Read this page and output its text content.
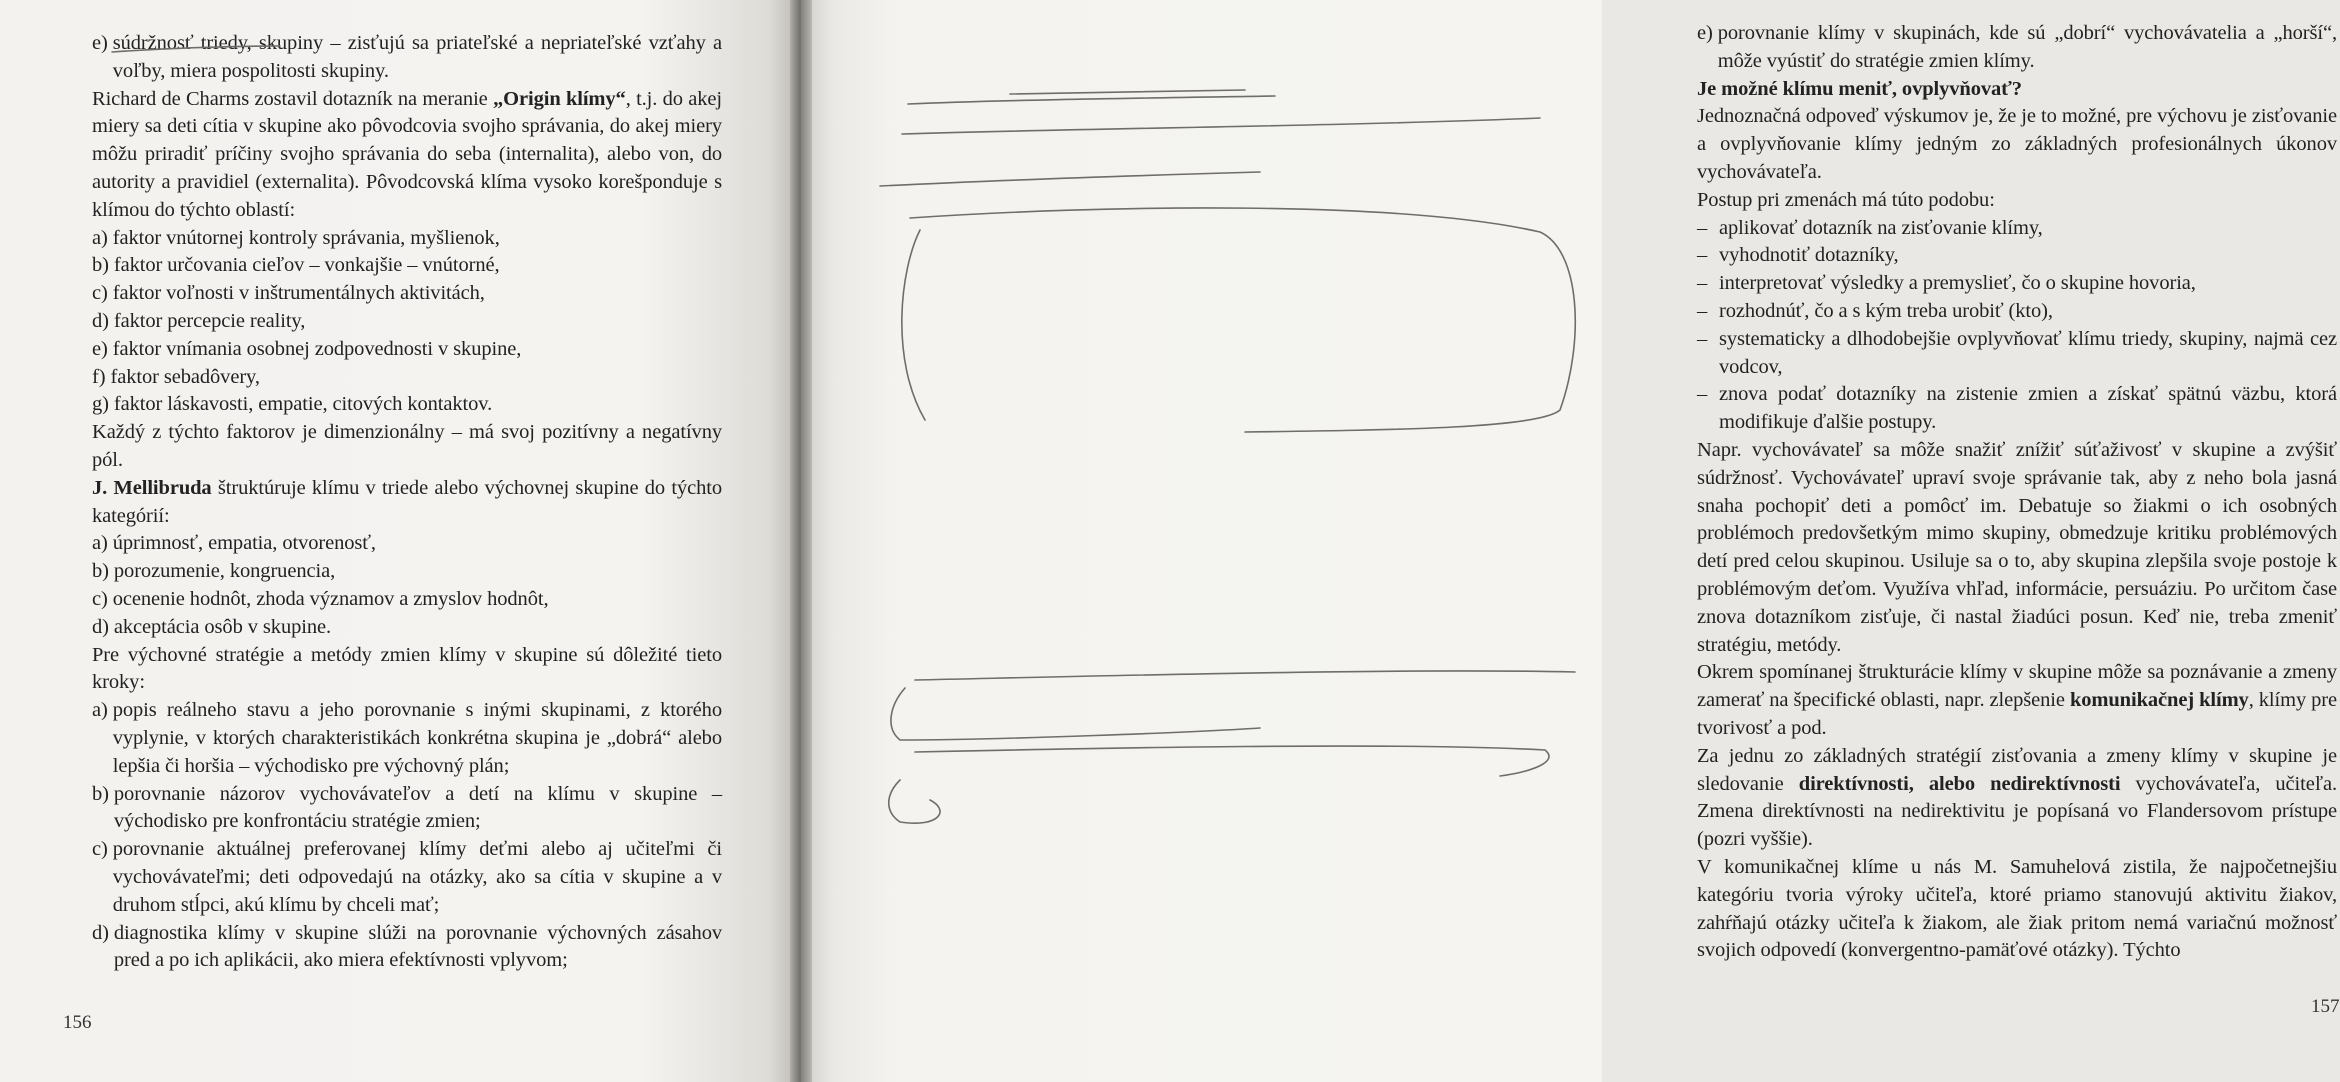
e) súdržnosť triedy, skupiny – zisťujú sa priateľské a nepriateľské vzťahy a voľby, miera pospolitosti skupiny.

Richard de Charms zostavil dotazník na meranie „Origin klímy“, t.j. do akej miery sa deti cítia v skupine ako pôvodcovia svojho správania, do akej miery môžu priradiť príčiny svojho správania do seba (internalita), alebo von, do autority a pravidiel (externalita). Pôvodcovská klíma vysoko korešponduje s klímou do týchto oblastí:

a) faktor vnútornej kontroly správania, myšlienok,
b) faktor určovania cieľov – vonkajšie – vnútorné,
c) faktor voľnosti v inštrumentálnych aktivitách,
d) faktor percepcie reality,
e) faktor vnímania osobnej zodpovednosti v skupine,
f) faktor sebadôvery,
g) faktor láskavosti, empatie, citových kontaktov.

Každý z týchto faktorov je dimenzionálny – má svoj pozitívny a negatívny pól.

J. Mellibruda štruktúruje klímu v triede alebo výchovnej skupine do týchto kategórií:

a) úprimnosť, empatia, otvorenosť,
b) porozumenie, kongruencia,
c) ocenenie hodnôt, zhoda významov a zmyslov hodnôt,
d) akceptácia osôb v skupine.

Pre výchovné stratégie a metódy zmien klímy v skupine sú dôležité tieto kroky:

a) popis reálneho stavu a jeho porovnanie s inými skupinami, z ktorého vyplynie, v ktorých charakteristikách konkrétna skupina je „dobrá“ alebo lepšia či horšia – východisko pre výchovný plán;
b) porovnanie názorov vychovávateľov a detí na klímu v skupine – východisko pre konfrontáciu stratégie zmien;
c) porovnanie aktuálnej preferovanej klímy deťmi alebo aj učiteľmi či vychovávateľmi; deti odpovedajú na otázky, ako sa cítia v skupine a v druhom stĺpci, akú klímu by chceli mať;
d) diagnostika klímy v skupine slúži na porovnanie výchovných zásahov pred a po ich aplikácii, ako miera efektívnosti vplyvom;
156
e) porovnanie klímy v skupinách, kde sú „dobrí“ vychovávatelia a „horší“, môže vyústiť do stratégie zmien klímy.

Je možné klímu meniť, ovplyvňovať?

Jednoznačná odpoveď výskumov je, že je to možné, pre výchovu je zisťovanie a ovplyvňovanie klímy jedným zo základných profesionálnych úkonov vychovávateľa.

Postup pri zmenách má túto podobu:

– aplikovať dotazník na zisťovanie klímy,
– vyhodnotiť dotazníky,
– interpretovať výsledky a premyslieť, čo o skupine hovoria,
– rozhodnúť, čo a s kým treba urobiť (kto),
– systematicky a dlhodobejšie ovplyvňovať klímu triedy, skupiny, najmä cez vodcov,
– znova podať dotazníky na zistenie zmien a získať spätnú väzbu, ktorá modifikuje ďalšie postupy.

Napr. vychovávateľ sa môže snažiť znížiť súťaživosť v skupine a zvýšiť súdržnosť. Vychovávateľ upraví svoje správanie tak, aby z neho bola jasná snaha pochopiť deti a pomôcť im. Debatuje so žiakmi o ich osobných problémoch predovšetkým mimo skupiny, obmedzuje kritiku problémových detí pred celou skupinou. Usiluje sa o to, aby skupina zlepšila svoje postoje k problémovým deťom. Využíva vhľad, informácie, persuáziu. Po určitom čase znova dotazníkom zisťuje, či nastal žiadúci posun. Keď nie, treba zmeniť stratégiu, metódy.

Okrem spomínanej štrukturácie klímy v skupine môže sa poznávanie a zmeny zamerať na špecifické oblasti, napr. zlepšenie komunikačnej klímy, klímy pre tvorivosť a pod.

Za jednu zo základných stratégií zisťovania a zmeny klímy v skupine je sledovanie direktívnosti, alebo nedirektívnosti vychovávateľa, učiteľa. Zmena direktívnosti na nedirektivitu je popísaná vo Flandersovom prístupe (pozri vyššie).

V komunikačnej klíme u nás M. Samuhelová zistila, že najpočetnejšiu kategóriu tvoria výroky učiteľa, ktoré priamo stanovujú aktivitu žiakov, zahŕňajú otázky učiteľa k žiakom, ale žiak pritom nemá variačnú možnosť svojich odpovedí (konvergentno-pamäťové otázky). Týchto

157
